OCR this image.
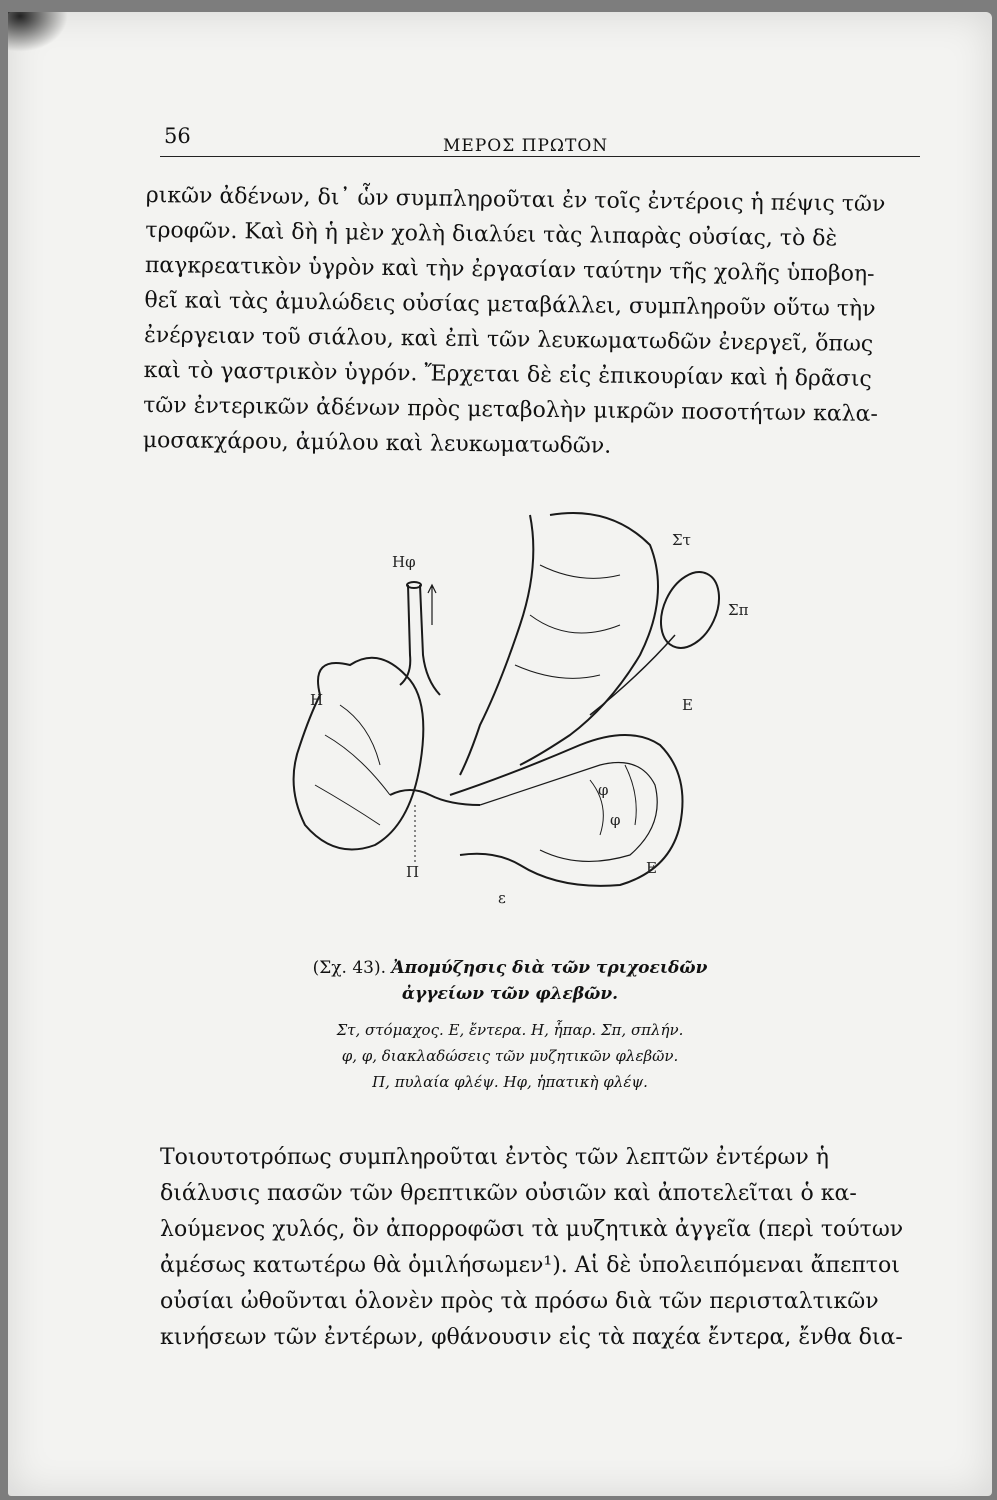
56	ΜΕΡΟΣ ΠΡΩΤΟΝ

ρικῶν ἀδένων, δι᾽ ὧν συμπληροῦται ἐν τοῖς ἐντέροις ἡ πέψις τῶν
τροφῶν. Καὶ δὴ ἡ μὲν χολὴ διαλύει τὰς λιπαρὰς οὐσίας, τὸ δὲ
παγκρεατικὸν ὑγρὸν καὶ τὴν ἐργασίαν ταύτην τῆς χολῆς ὑποβοη-
θεῖ καὶ τὰς ἀμυλώδεις οὐσίας μεταβάλλει, συμπληροῦν οὕτω τὴν
ἐνέργειαν τοῦ σιάλου, καὶ ἐπὶ τῶν λευκωματωδῶν ἐνεργεῖ, ὅπως
καὶ τὸ γαστρικὸν ὑγρόν. Ἔρχεται δὲ εἰς ἐπικουρίαν καὶ ἡ δρᾶσις
τῶν ἐντερικῶν ἀδένων πρὸς μεταβολὴν μικρῶν ποσοτήτων καλα-
μοσακχάρου, ἀμύλου καὶ λευκωματωδῶν.

Ηφ
Η
Στ
Σπ
Ε
Ε
ε
Π
φ
φ
(Σχ. 43). Ἀπομύζησις διὰ τῶν τριχοειδῶν
ἀγγείων τῶν φλεβῶν.
Στ, στόμαχος. Ε, ἔντερα. Η, ἧπαρ. Σπ, σπλήν.
φ, φ, διακλαδώσεις τῶν μυζητικῶν φλεβῶν.
Π, πυλαία φλέψ. Ηφ, ἡπατικὴ φλέψ.

Τοιουτοτρόπως συμπληροῦται ἐντὸς τῶν λεπτῶν ἐντέρων ἡ
διάλυσις πασῶν τῶν θρεπτικῶν οὐσιῶν καὶ ἀποτελεῖται ὁ κα-
λούμενος χυλός, ὃν ἀπορροφῶσι τὰ μυζητικὰ ἀγγεῖα (περὶ τούτων
ἀμέσως κατωτέρω θὰ ὁμιλήσωμεν¹). Αἱ δὲ ὑπολειπόμεναι ἄπεπτοι
οὐσίαι ὠθοῦνται ὁλονὲν πρὸς τὰ πρόσω διὰ τῶν περισταλτικῶν
κινήσεων τῶν ἐντέρων, φθάνουσιν εἰς τὰ παχέα ἔντερα, ἔνθα δια-
